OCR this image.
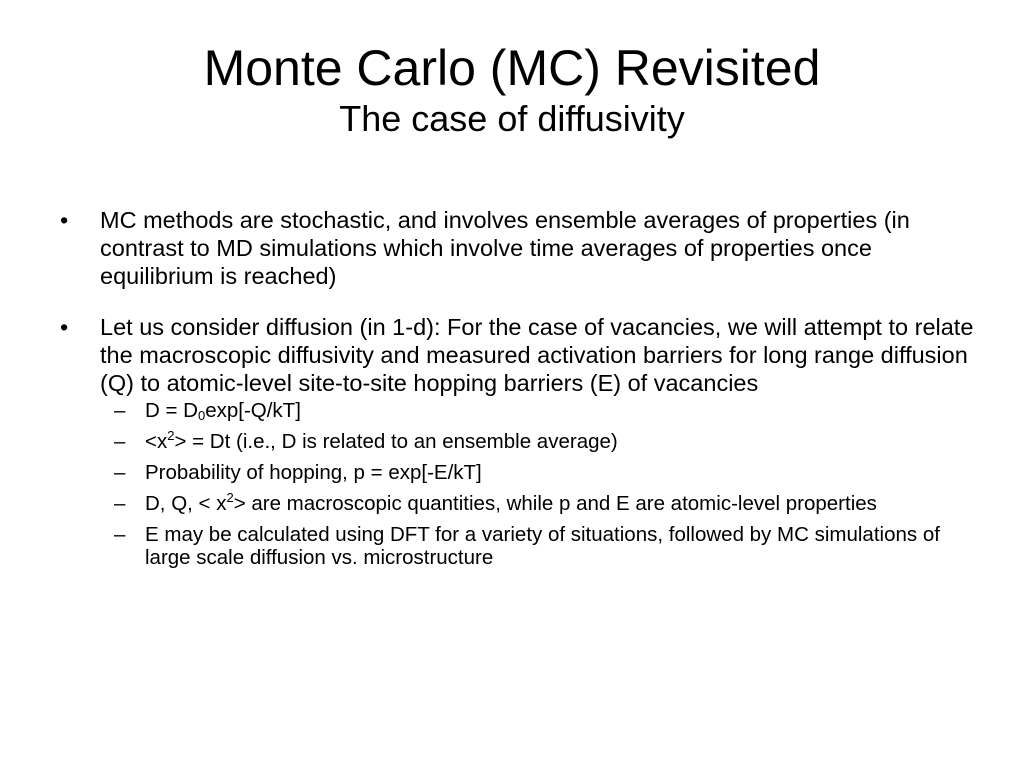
Monte Carlo (MC) Revisited
The case of diffusivity
• MC methods are stochastic, and involves ensemble averages of properties (in contrast to MD simulations which involve time averages of properties once equilibrium is reached)
• Let us consider diffusion (in 1-d): For the case of vacancies, we will attempt to relate the macroscopic diffusivity and measured activation barriers for long range diffusion (Q) to atomic-level site-to-site hopping barriers (E) of vacancies
– $D = D_0\exp[-Q/kT]$
– $<x^2> = Dt$ (i.e., D is related to an ensemble average)
– Probability of hopping, p = exp[-E/kT]
– D, Q, < $x^2>$ are macroscopic quantities, while p and E are atomic-level properties
– E may be calculated using DFT for a variety of situations, followed by MC simulations of large scale diffusion vs. microstructure
